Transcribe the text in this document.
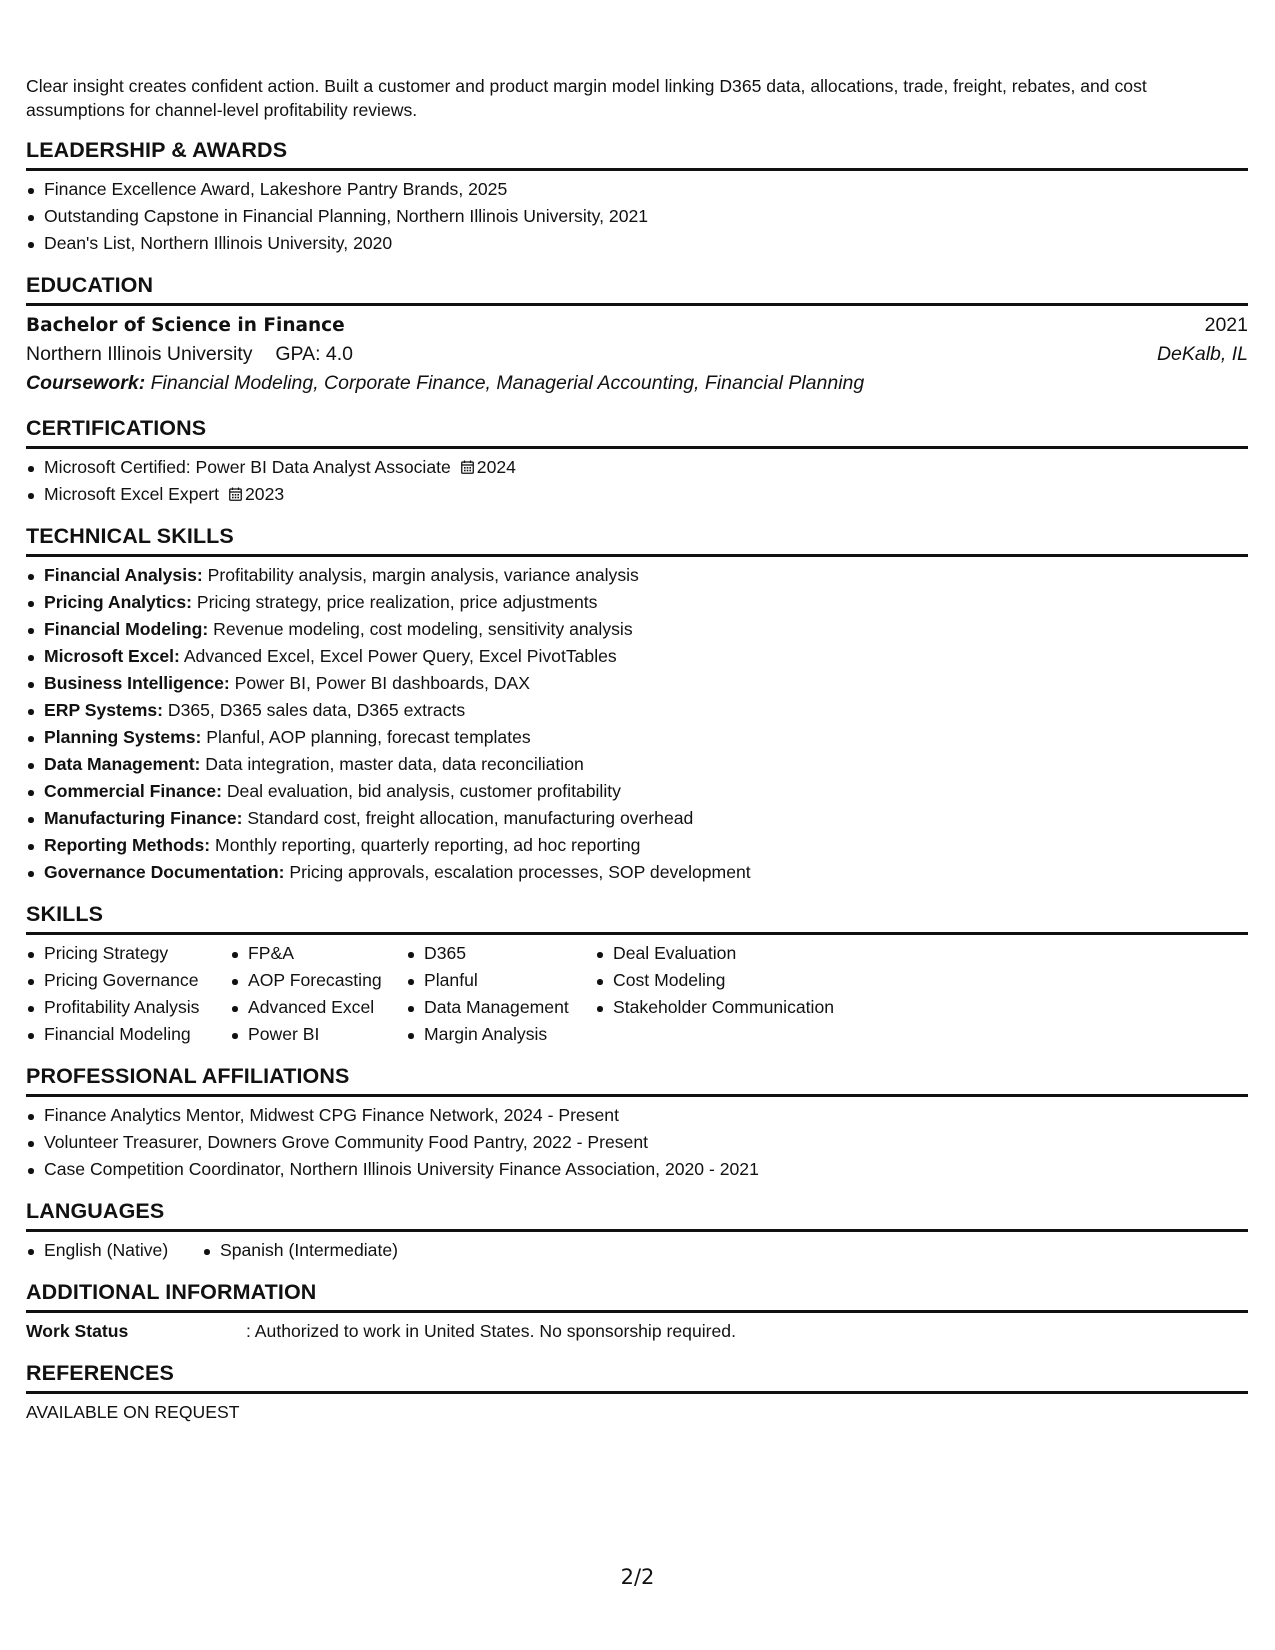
Clear insight creates confident action. Built a customer and product margin model linking D365 data, allocations, trade, freight, rebates, and cost assumptions for channel-level profitability reviews.

LEADERSHIP & AWARDS
Finance Excellence Award, Lakeshore Pantry Brands, 2025
Outstanding Capstone in Financial Planning, Northern Illinois University, 2021
Dean's List, Northern Illinois University, 2020
EDUCATION
Bachelor of Science in Finance	2021
Northern Illinois University GPA: 4.0	DeKalb, IL
Coursework: Financial Modeling, Corporate Finance, Managerial Accounting, Financial Planning
CERTIFICATIONS
Microsoft Certified: Power BI Data Analyst Associate 2024
Microsoft Excel Expert 2023
TECHNICAL SKILLS
Financial Analysis: Profitability analysis, margin analysis, variance analysis
Pricing Analytics: Pricing strategy, price realization, price adjustments
Financial Modeling: Revenue modeling, cost modeling, sensitivity analysis
Microsoft Excel: Advanced Excel, Excel Power Query, Excel PivotTables
Business Intelligence: Power BI, Power BI dashboards, DAX
ERP Systems: D365, D365 sales data, D365 extracts
Planning Systems: Planful, AOP planning, forecast templates
Data Management: Data integration, master data, data reconciliation
Commercial Finance: Deal evaluation, bid analysis, customer profitability
Manufacturing Finance: Standard cost, freight allocation, manufacturing overhead
Reporting Methods: Monthly reporting, quarterly reporting, ad hoc reporting
Governance Documentation: Pricing approvals, escalation processes, SOP development
SKILLS
Pricing Strategy
Pricing Governance
Profitability Analysis
Financial Modeling
FP&A
AOP Forecasting
Advanced Excel
Power BI
D365
Planful
Data Management
Margin Analysis
Deal Evaluation
Cost Modeling
Stakeholder Communication
PROFESSIONAL AFFILIATIONS
Finance Analytics Mentor, Midwest CPG Finance Network, 2024 - Present
Volunteer Treasurer, Downers Grove Community Food Pantry, 2022 - Present
Case Competition Coordinator, Northern Illinois University Finance Association, 2020 - 2021
LANGUAGES
English (Native)	Spanish (Intermediate)
ADDITIONAL INFORMATION
Work Status	: Authorized to work in United States. No sponsorship required.
REFERENCES
AVAILABLE ON REQUEST
2/2
